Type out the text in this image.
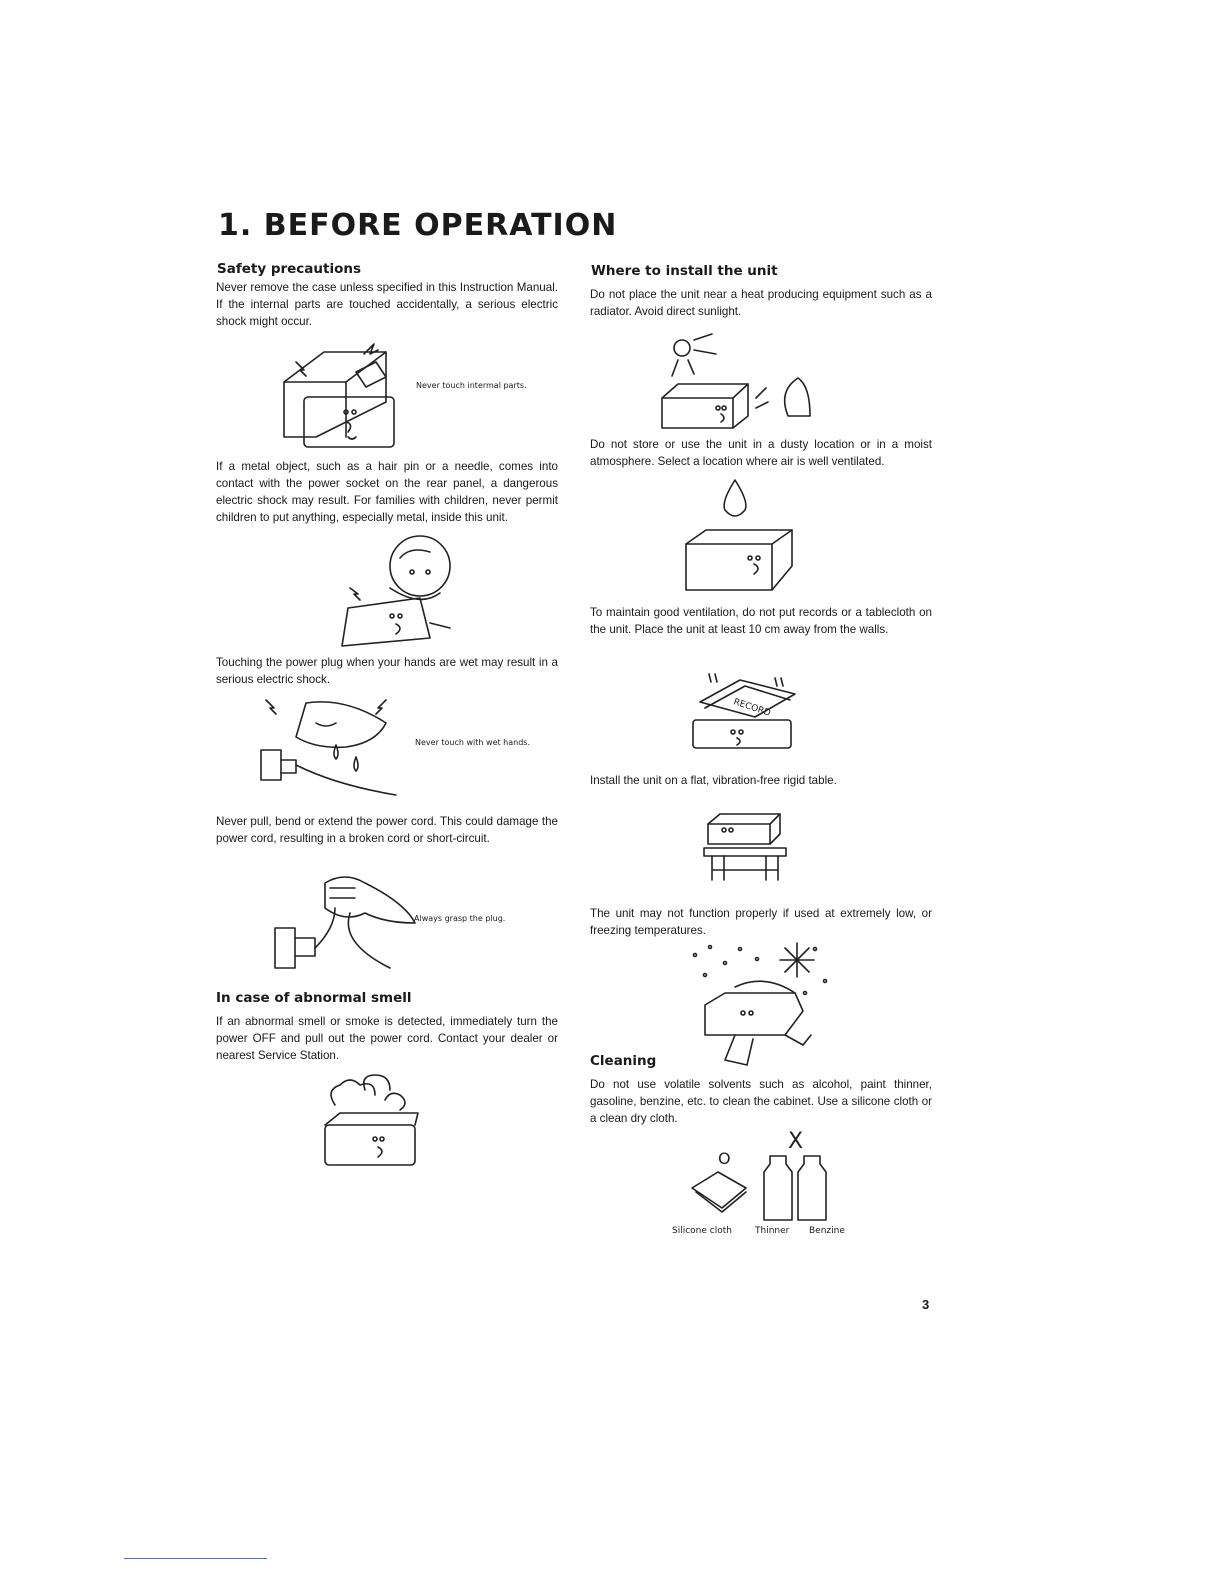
1. BEFORE OPERATION
Safety precautions

Never remove the case unless specified in this Instruction Manual. If the internal parts are touched accidentally, a serious electric shock might occur.

Never touch intermal parts.

If a metal object, such as a hair pin or a needle, comes into contact with the power socket on the rear panel, a dangerous electric shock may result. For families with children, never permit children to put anything, especially metal, inside this unit.

Touching the power plug when your hands are wet may result in a serious electric shock.

Never touch with wet hands.

Never pull, bend or extend the power cord. This could damage the power cord, resulting in a broken cord or short-circuit.

Always grasp the plug.
In case of abnormal smell

If an abnormal smell or smoke is detected, immediately turn the power OFF and pull out the power cord. Contact your dealer or nearest Service Station.

Where to install the unit

Do not place the unit near a heat producing equipment such as a radiator. Avoid direct sunlight.

Do not store or use the unit in a dusty location or in a moist atmosphere. Select a location where air is well ventilated.

To maintain good ventilation, do not put records or a tablecloth on the unit. Place the unit at least 10 cm away from the walls.

RECORD

Install the unit on a flat, vibration-free rigid table.

The unit may not function properly if used at extremely low, or freezing temperatures.

Cleaning

Do not use volatile solvents such as alcohol, paint thinner, gasoline, benzine, etc. to clean the cabinet. Use a silicone cloth or a clean dry cloth.

O
X
Silicone cloth	Thinner Benzine
3
